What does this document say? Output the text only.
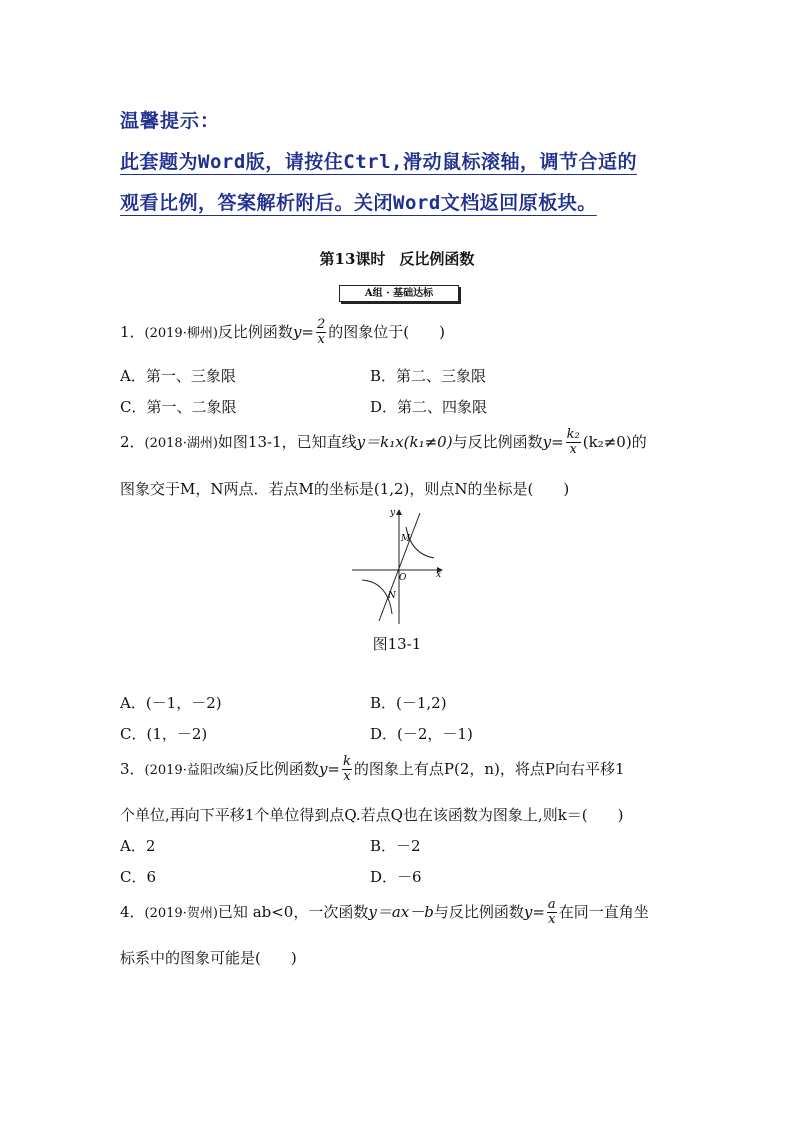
温馨提示：
此套题为Word版，请按住Ctrl,滑动鼠标滚轴，调节合适的
观看比例，答案解析附后。关闭Word文档返回原板块。
第13课时 反比例函数
A组 · 基础达标
1．(2019·柳州)反比例函数$y= \frac{2}{x}$ 的图象位于(　　)
A．第一、三象限	B．第二、三象限
C．第一、二象限	D．第二、四象限
2．(2018·湖州)如图13-1，已知直线y＝k₁x(k₁≠0)与反比例函数$y= \frac{\text{k₂}}{x} (k_2\ne 0)$的
图象交于M，N两点．若点M的坐标是(1,2)，则点N的坐标是(　　)
y
x
O
M
N
图13-1
A．(－1，－2)	B．(－1,2)
C．(1，－2)	D．(－2，－1)
3．(2019·益阳改编)反比例函数$y= \frac{k}{x}$ 的图象上有点P(2，n)，将点P向右平移1
个单位,再向下平移1个单位得到点Q.若点Q也在该函数为图象上,则k＝(　　)
A．2	B．－2
C．6	D．－6
4．(2019·贺州)已知 ab<0，一次函数y＝ax－b与反比例函数$y= \frac{a}{x}$ 在同一直角坐
标系中的图象可能是(　　)
